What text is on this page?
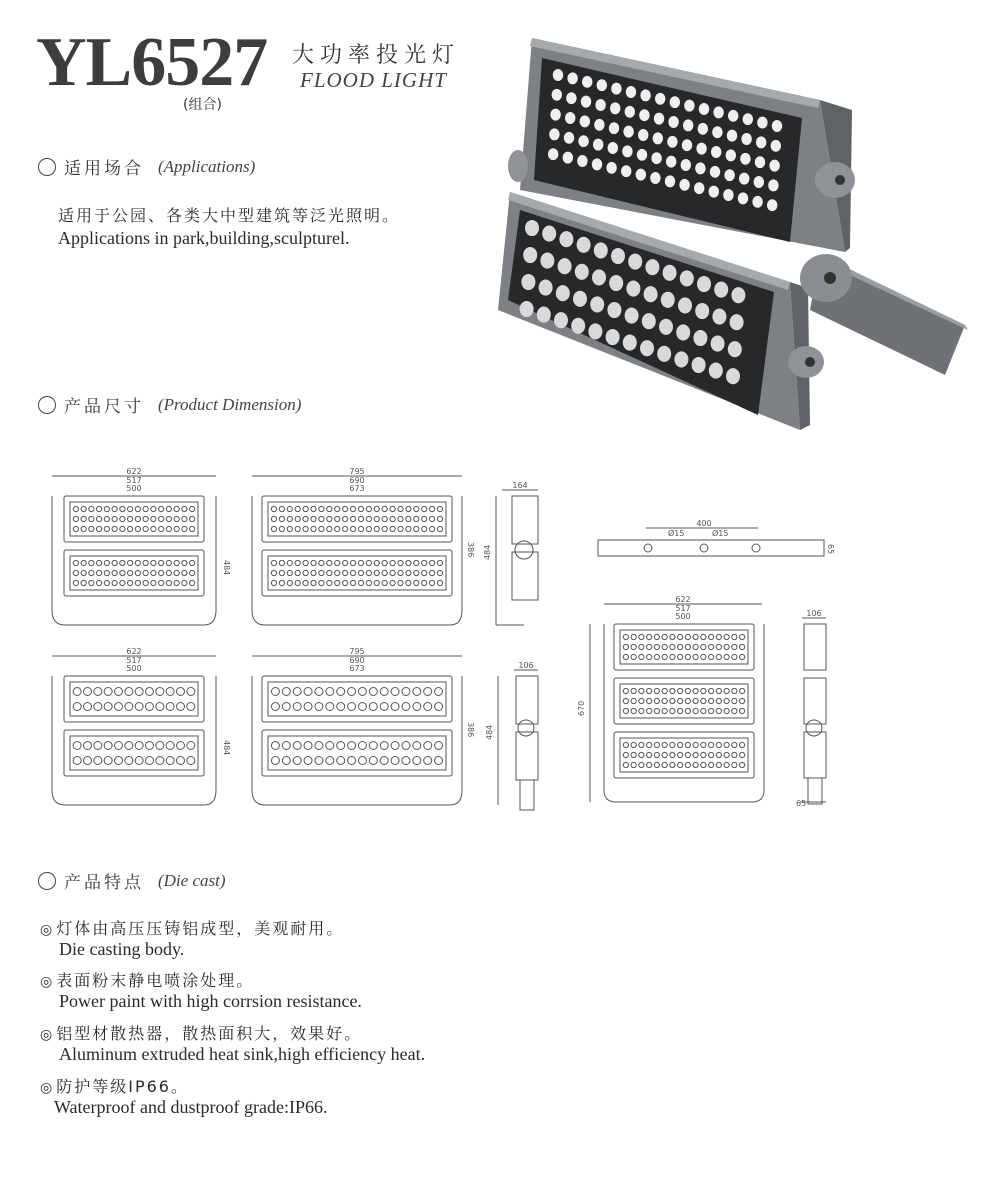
YL6527 大功率投光灯
FLOOD LIGHT
(组合)
适用场合 (Applications)
适用于公园、各类大中型建筑等泛光照明。
Applications in park,building,sculpturel.
产品尺寸 (Product Dimension)
622
517
500
484
795
690
673
386
164
484
622
517
500
484
795
690
673
386
106
484
400
Ø15	Ø15
65
622
517
500
670
106
65
产品特点 (Die cast)
◎ 灯体由高压压铸铝成型，美观耐用。
Die casting body.
◎ 表面粉末静电喷涂处理。
Power paint with high corrsion resistance.
◎ 铝型材散热器，散热面积大，效果好。
Aluminum extruded heat sink,high efficiency heat.
◎ 防护等级IP66。
Waterproof and dustproof grade:IP66.
